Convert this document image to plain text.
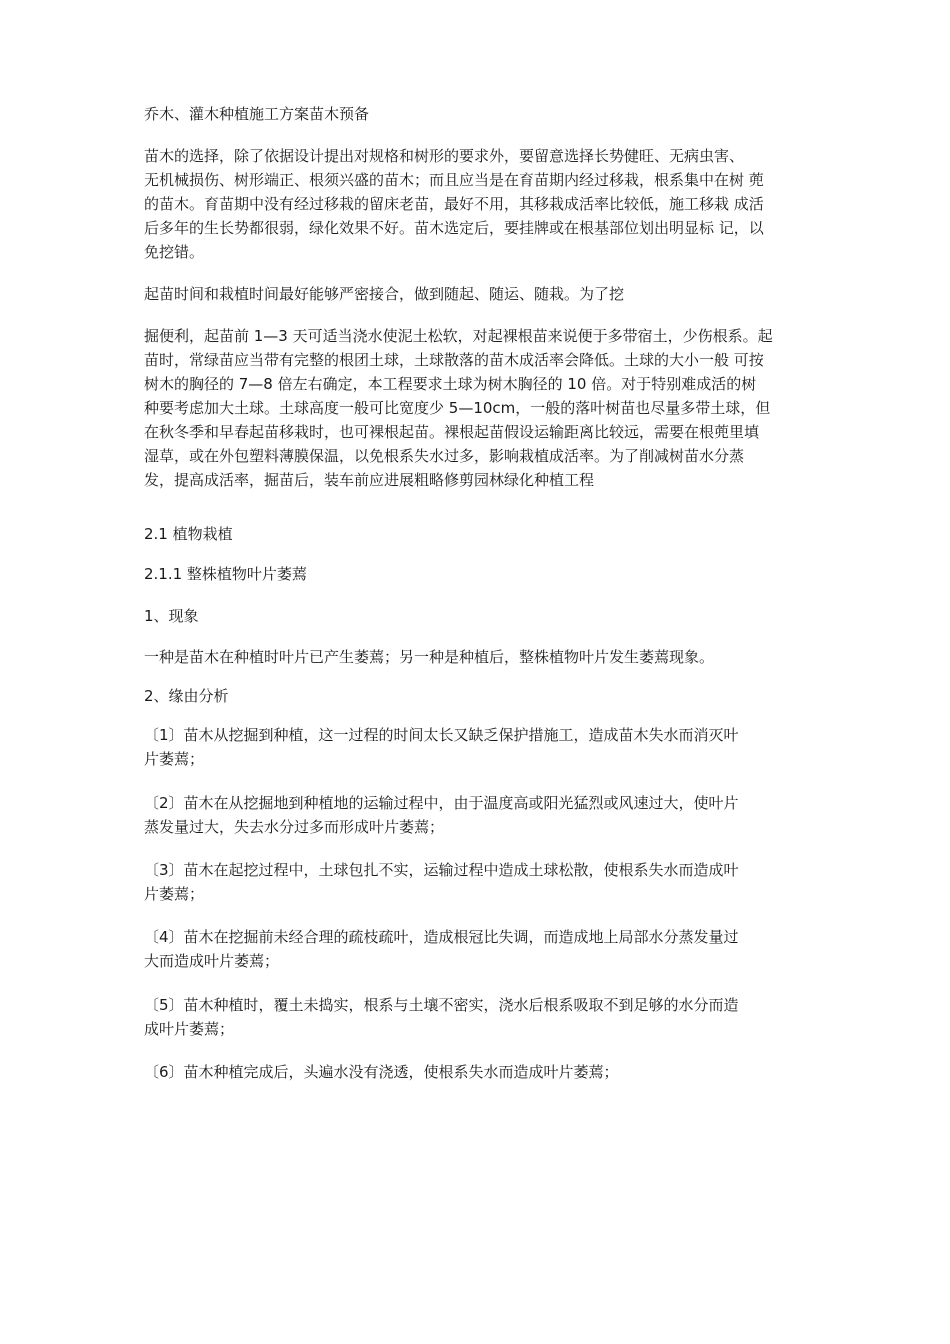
乔木、灌木种植施工方案苗木预备

苗木的选择，除了依据设计提出对规格和树形的要求外，要留意选择长势健旺、无病虫害、
无机械损伤、树形端正、根须兴盛的苗木；而且应当是在育苗期内经过移栽，根系集中在树 蔸
的苗木。育苗期中没有经过移栽的留床老苗，最好不用，其移栽成活率比较低，施工移栽 成活
后多年的生长势都很弱，绿化效果不好。苗木选定后，要挂牌或在根基部位划出明显标 记，以
免挖错。

起苗时间和栽植时间最好能够严密接合，做到随起、随运、随栽。为了挖

掘便利，起苗前 1—3 天可适当浇水使泥土松软，对起裸根苗来说便于多带宿土，少伤根系。起
苗时，常绿苗应当带有完整的根团土球，土球散落的苗木成活率会降低。土球的大小一般 可按
树木的胸径的 7—8 倍左右确定，本工程要求土球为树木胸径的 10 倍。对于特别难成活的树
种要考虑加大土球。土球高度一般可比宽度少 5—10cm，一般的落叶树苗也尽量多带土球，但
在秋冬季和早春起苗移栽时，也可裸根起苗。裸根起苗假设运输距离比较远，需要在根蔸里填
湿草，或在外包塑料薄膜保温，以免根系失水过多，影响栽植成活率。为了削减树苗水分蒸
发，提高成活率，掘苗后，装车前应进展粗略修剪园林绿化种植工程

2.1 植物栽植

2.1.1 整株植物叶片萎蔫

1、现象

一种是苗木在种植时叶片已产生萎蔫；另一种是种植后，整株植物叶片发生萎蔫现象。

2、缘由分析

〔1〕苗木从挖掘到种植，这一过程的时间太长又缺乏保护措施工，造成苗木失水而消灭叶
片萎蔫；

〔2〕苗木在从挖掘地到种植地的运输过程中，由于温度高或阳光猛烈或风速过大，使叶片
蒸发量过大，失去水分过多而形成叶片萎蔫；

〔3〕苗木在起挖过程中，土球包扎不实，运输过程中造成土球松散，使根系失水而造成叶
片萎蔫；

〔4〕苗木在挖掘前未经合理的疏枝疏叶，造成根冠比失调，而造成地上局部水分蒸发量过
大而造成叶片萎蔫；

〔5〕苗木种植时，覆土未捣实，根系与土壤不密实，浇水后根系吸取不到足够的水分而造
成叶片萎蔫；

〔6〕苗木种植完成后，头遍水没有浇透，使根系失水而造成叶片萎蔫；
